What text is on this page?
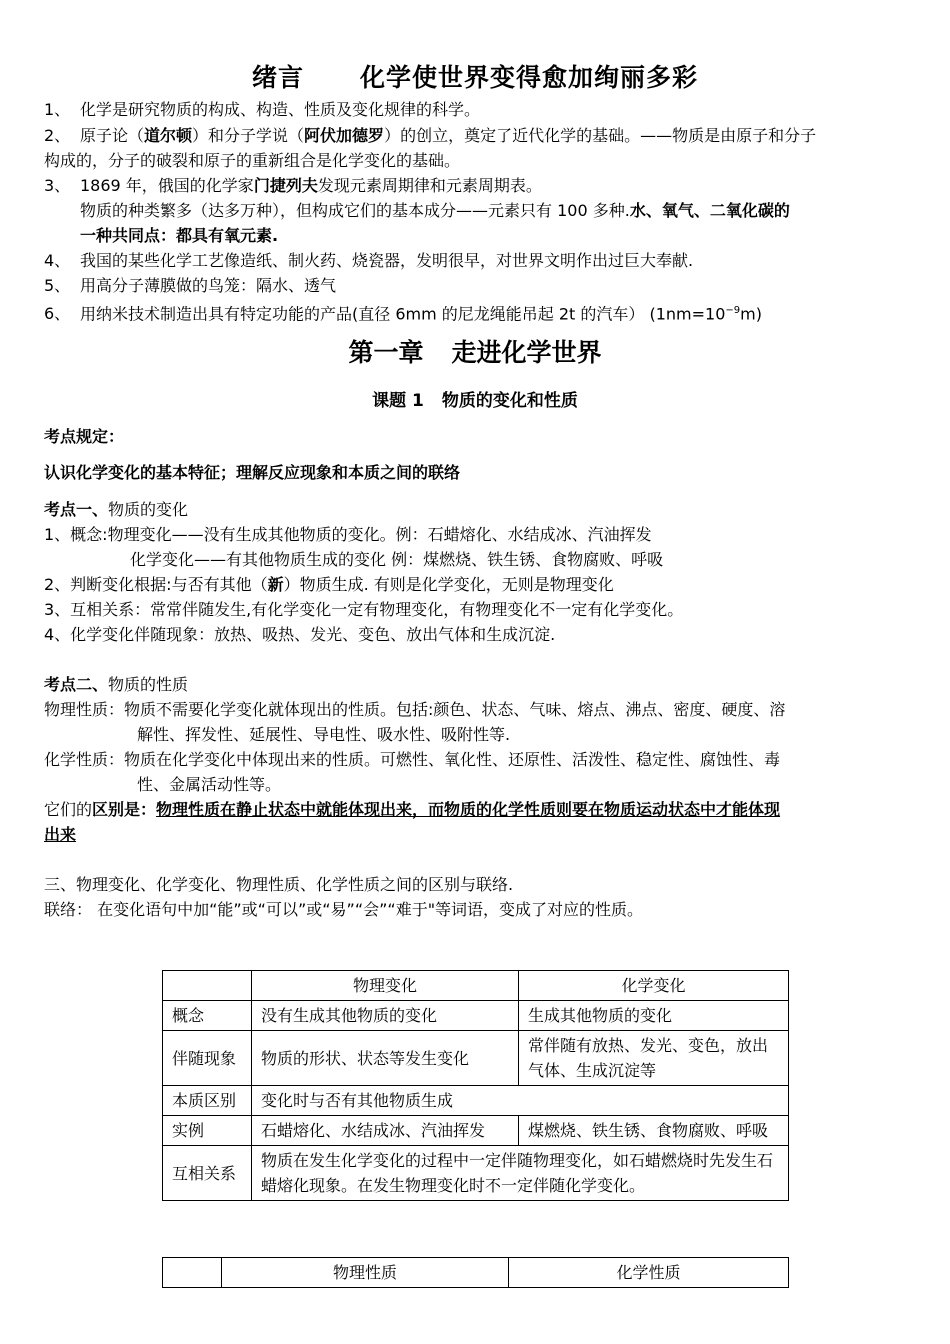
绪言 化学使世界变得愈加绚丽多彩
1、 化学是研究物质的构成、构造、性质及变化规律的科学。
2、 原子论（道尔顿）和分子学说（阿伏加德罗）的创立，奠定了近代化学的基础。——物质是由原子和分子
构成的，分子的破裂和原子的重新组合是化学变化的基础。
3、 1869 年，俄国的化学家门捷列夫发现元素周期律和元素周期表。
物质的种类繁多（达多万种），但构成它们的基本成分——元素只有 100 多种.水、氧气、二氧化碳的
一种共同点：都具有氧元素.
4、 我国的某些化学工艺像造纸、制火药、烧瓷器，发明很早，对世界文明作出过巨大奉献.
5、 用高分子薄膜做的鸟笼：隔水、透气
6、 用纳米技术制造出具有特定功能的产品(直径 6mm 的尼龙绳能吊起 2t 的汽车） $(1nm=10^{-9}m)$
第一章 走进化学世界
课题 1 物质的变化和性质
考点规定：
认识化学变化的基本特征；理解反应现象和本质之间的联络
考点一、物质的变化
1、概念:物理变化——没有生成其他物质的变化。例：石蜡熔化、水结成冰、汽油挥发
化学变化——有其他物质生成的变化 例：煤燃烧、铁生锈、食物腐败、呼吸
2、判断变化根据:与否有其他（新）物质生成. 有则是化学变化，无则是物理变化
3、互相关系：常常伴随发生,有化学变化一定有物理变化，有物理变化不一定有化学变化。
4、化学变化伴随现象：放热、吸热、发光、变色、放出气体和生成沉淀.
考点二、物质的性质
物理性质：物质不需要化学变化就体现出的性质。包括:颜色、状态、气味、熔点、沸点、密度、硬度、溶
解性、挥发性、延展性、导电性、吸水性、吸附性等.
化学性质：物质在化学变化中体现出来的性质。可燃性、氧化性、还原性、活泼性、稳定性、腐蚀性、毒
性、金属活动性等。
它们的区别是：物理性质在静止状态中就能体现出来，而物质的化学性质则要在物质运动状态中才能体现
出来
三、物理变化、化学变化、物理性质、化学性质之间的区别与联络.
联络： 在变化语句中加“能”或“可以”或“易”“会”“难于"等词语，变成了对应的性质。
	物理变化	化学变化
概念	没有生成其他物质的变化	生成其他物质的变化
伴随现象	物质的形状、状态等发生变化	常伴随有放热、发光、变色，放出气体、生成沉淀等
本质区别	变化时与否有其他物质生成	
实例	石蜡熔化、水结成冰、汽油挥发	煤燃烧、铁生锈、食物腐败、呼吸
互相关系	物质在发生化学变化的过程中一定伴随物理变化，如石蜡燃烧时先发生石蜡熔化现象。在发生物理变化时不一定伴随化学变化。	
	物理性质	化学性质
